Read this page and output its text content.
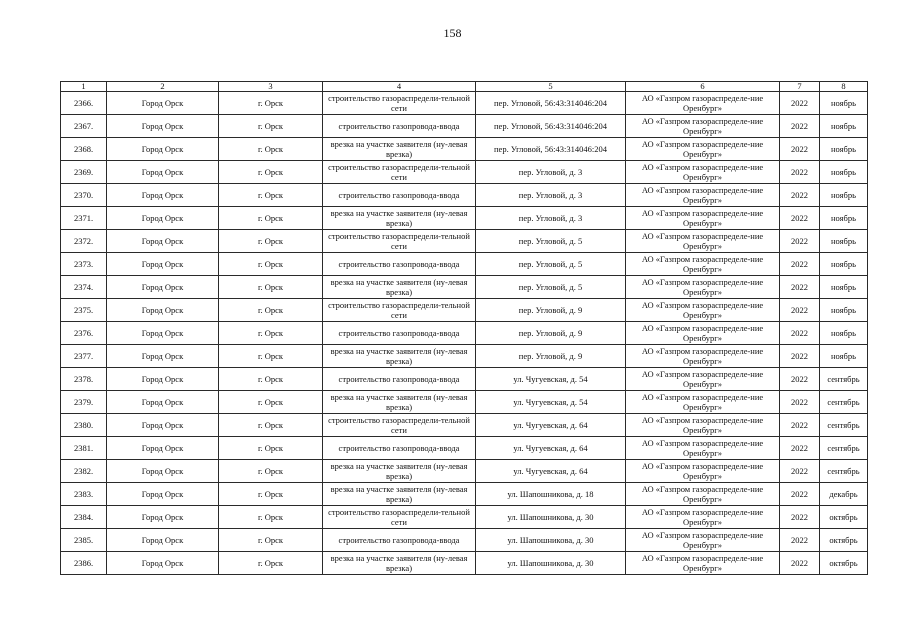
158
1	2	3	4	5	6	7	8
2366.	Город Орск	г. Орск	строительство газораспредели-тельной сети	пер. Угловой, 56:43:314046:204	АО «Газпром газораспределе-ние Оренбург»	2022	ноябрь
2367.	Город Орск	г. Орск	строительство газопровода-ввода	пер. Угловой, 56:43:314046:204	АО «Газпром газораспределе-ние Оренбург»	2022	ноябрь
2368.	Город Орск	г. Орск	врезка на участке заявителя (ну-левая врезка)	пер. Угловой, 56:43:314046:204	АО «Газпром газораспределе-ние Оренбург»	2022	ноябрь
2369.	Город Орск	г. Орск	строительство газораспредели-тельной сети	пер. Угловой, д. 3	АО «Газпром газораспределе-ние Оренбург»	2022	ноябрь
2370.	Город Орск	г. Орск	строительство газопровода-ввода	пер. Угловой, д. 3	АО «Газпром газораспределе-ние Оренбург»	2022	ноябрь
2371.	Город Орск	г. Орск	врезка на участке заявителя (ну-левая врезка)	пер. Угловой, д. 3	АО «Газпром газораспределе-ние Оренбург»	2022	ноябрь
2372.	Город Орск	г. Орск	строительство газораспредели-тельной сети	пер. Угловой, д. 5	АО «Газпром газораспределе-ние Оренбург»	2022	ноябрь
2373.	Город Орск	г. Орск	строительство газопровода-ввода	пер. Угловой, д. 5	АО «Газпром газораспределе-ние Оренбург»	2022	ноябрь
2374.	Город Орск	г. Орск	врезка на участке заявителя (ну-левая врезка)	пер. Угловой, д. 5	АО «Газпром газораспределе-ние Оренбург»	2022	ноябрь
2375.	Город Орск	г. Орск	строительство газораспредели-тельной сети	пер. Угловой, д. 9	АО «Газпром газораспределе-ние Оренбург»	2022	ноябрь
2376.	Город Орск	г. Орск	строительство газопровода-ввода	пер. Угловой, д. 9	АО «Газпром газораспределе-ние Оренбург»	2022	ноябрь
2377.	Город Орск	г. Орск	врезка на участке заявителя (ну-левая врезка)	пер. Угловой, д. 9	АО «Газпром газораспределе-ние Оренбург»	2022	ноябрь
2378.	Город Орск	г. Орск	строительство газопровода-ввода	ул. Чугуевская, д. 54	АО «Газпром газораспределе-ние Оренбург»	2022	сентябрь
2379.	Город Орск	г. Орск	врезка на участке заявителя (ну-левая врезка)	ул. Чугуевская, д. 54	АО «Газпром газораспределе-ние Оренбург»	2022	сентябрь
2380.	Город Орск	г. Орск	строительство газораспредели-тельной сети	ул. Чугуевская, д. 64	АО «Газпром газораспределе-ние Оренбург»	2022	сентябрь
2381.	Город Орск	г. Орск	строительство газопровода-ввода	ул. Чугуевская, д. 64	АО «Газпром газораспределе-ние Оренбург»	2022	сентябрь
2382.	Город Орск	г. Орск	врезка на участке заявителя (ну-левая врезка)	ул. Чугуевская, д. 64	АО «Газпром газораспределе-ние Оренбург»	2022	сентябрь
2383.	Город Орск	г. Орск	врезка на участке заявителя (ну-левая врезка)	ул. Шапошникова, д. 18	АО «Газпром газораспределе-ние Оренбург»	2022	декабрь
2384.	Город Орск	г. Орск	строительство газораспредели-тельной сети	ул. Шапошникова, д. 30	АО «Газпром газораспределе-ние Оренбург»	2022	октябрь
2385.	Город Орск	г. Орск	строительство газопровода-ввода	ул. Шапошникова, д. 30	АО «Газпром газораспределе-ние Оренбург»	2022	октябрь
2386.	Город Орск	г. Орск	врезка на участке заявителя (ну-левая врезка)	ул. Шапошникова, д. 30	АО «Газпром газораспределе-ние Оренбург»	2022	октябрь
